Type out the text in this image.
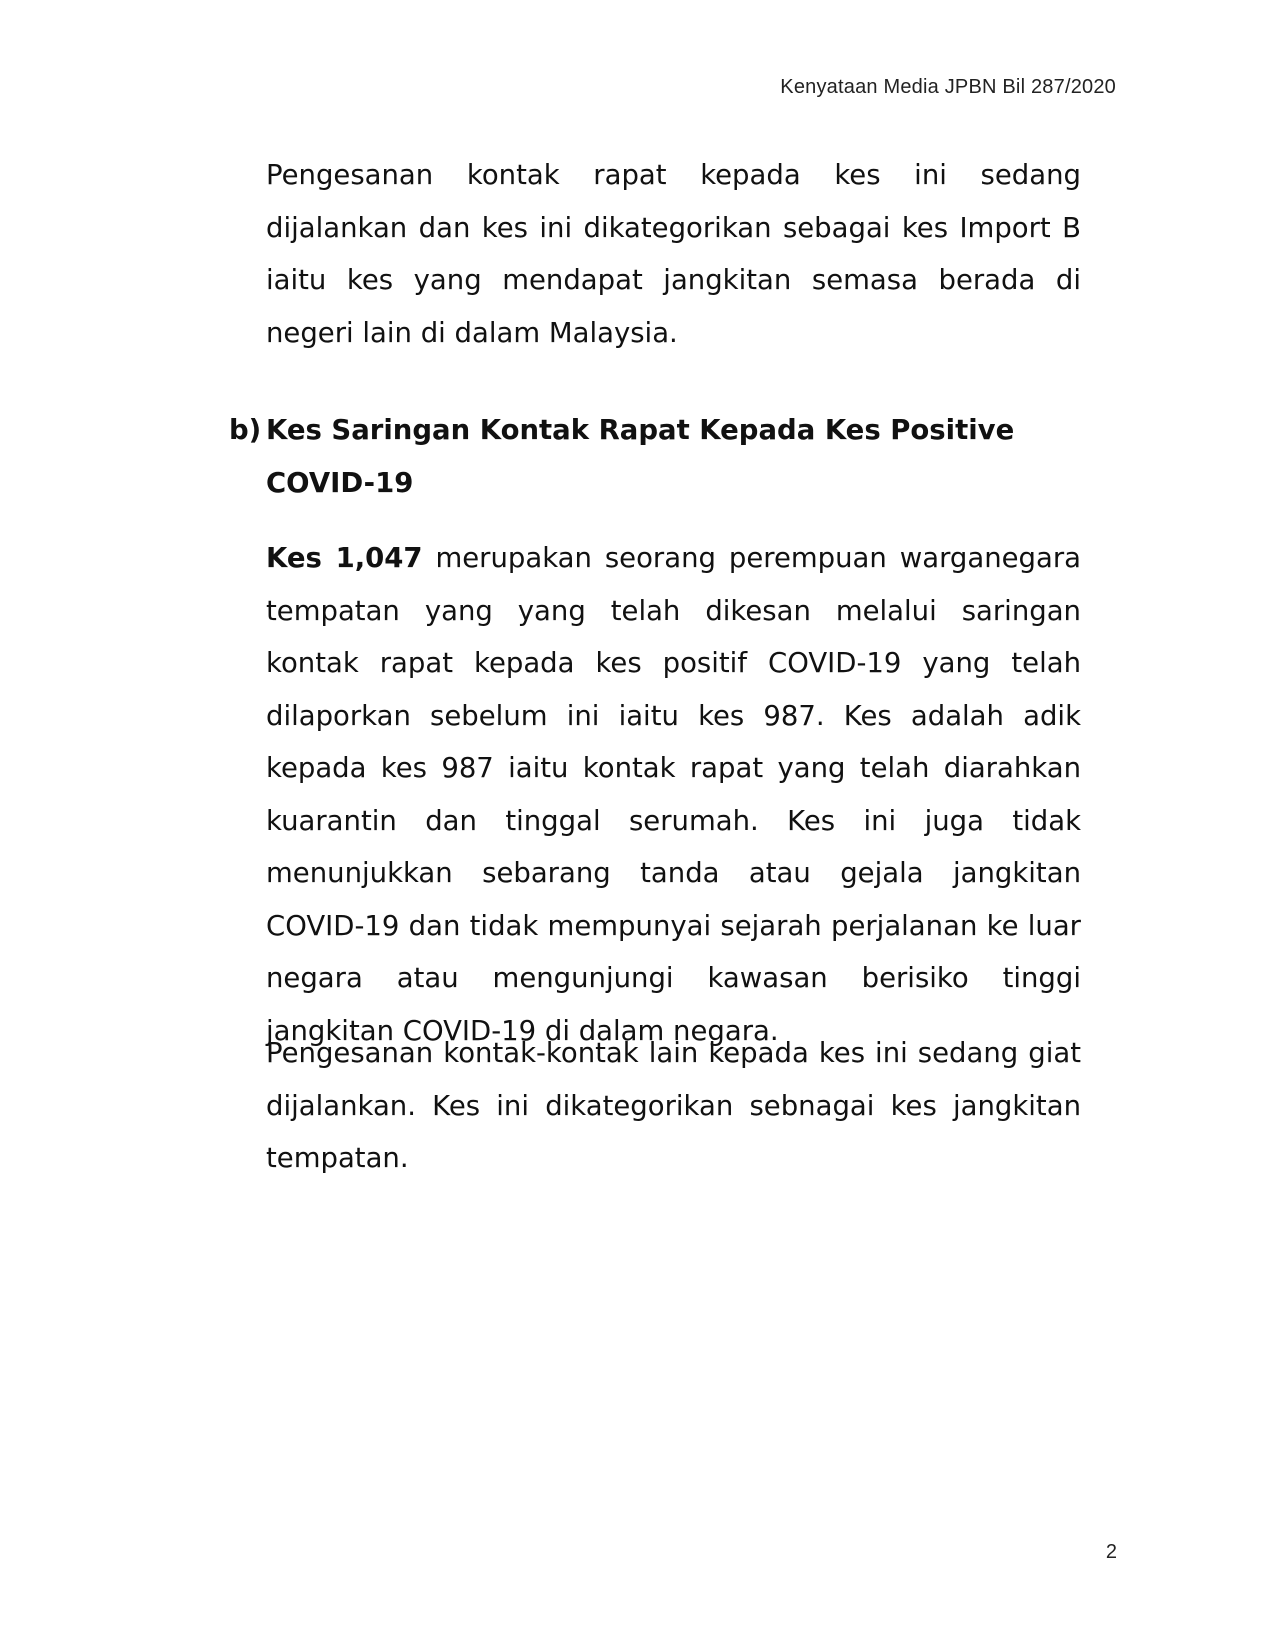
Kenyataan Media JPBN Bil 287/2020
Pengesanan kontak rapat kepada kes ini sedang dijalankan dan kes ini dikategorikan sebagai kes Import B iaitu kes yang mendapat jangkitan semasa berada di negeri lain di dalam Malaysia.
b) Kes Saringan Kontak Rapat Kepada Kes Positive COVID-19
Kes 1,047 merupakan seorang perempuan warganegara tempatan yang yang telah dikesan melalui saringan kontak rapat kepada kes positif COVID-19 yang telah dilaporkan sebelum ini iaitu kes 987. Kes adalah adik kepada kes 987 iaitu kontak rapat yang telah diarahkan kuarantin dan tinggal serumah. Kes ini juga tidak menunjukkan sebarang tanda atau gejala jangkitan COVID-19 dan tidak mempunyai sejarah perjalanan ke luar negara atau mengunjungi kawasan berisiko tinggi jangkitan COVID-19 di dalam negara.
Pengesanan kontak-kontak lain kepada kes ini sedang giat dijalankan. Kes ini dikategorikan sebnagai kes jangkitan tempatan.
2
